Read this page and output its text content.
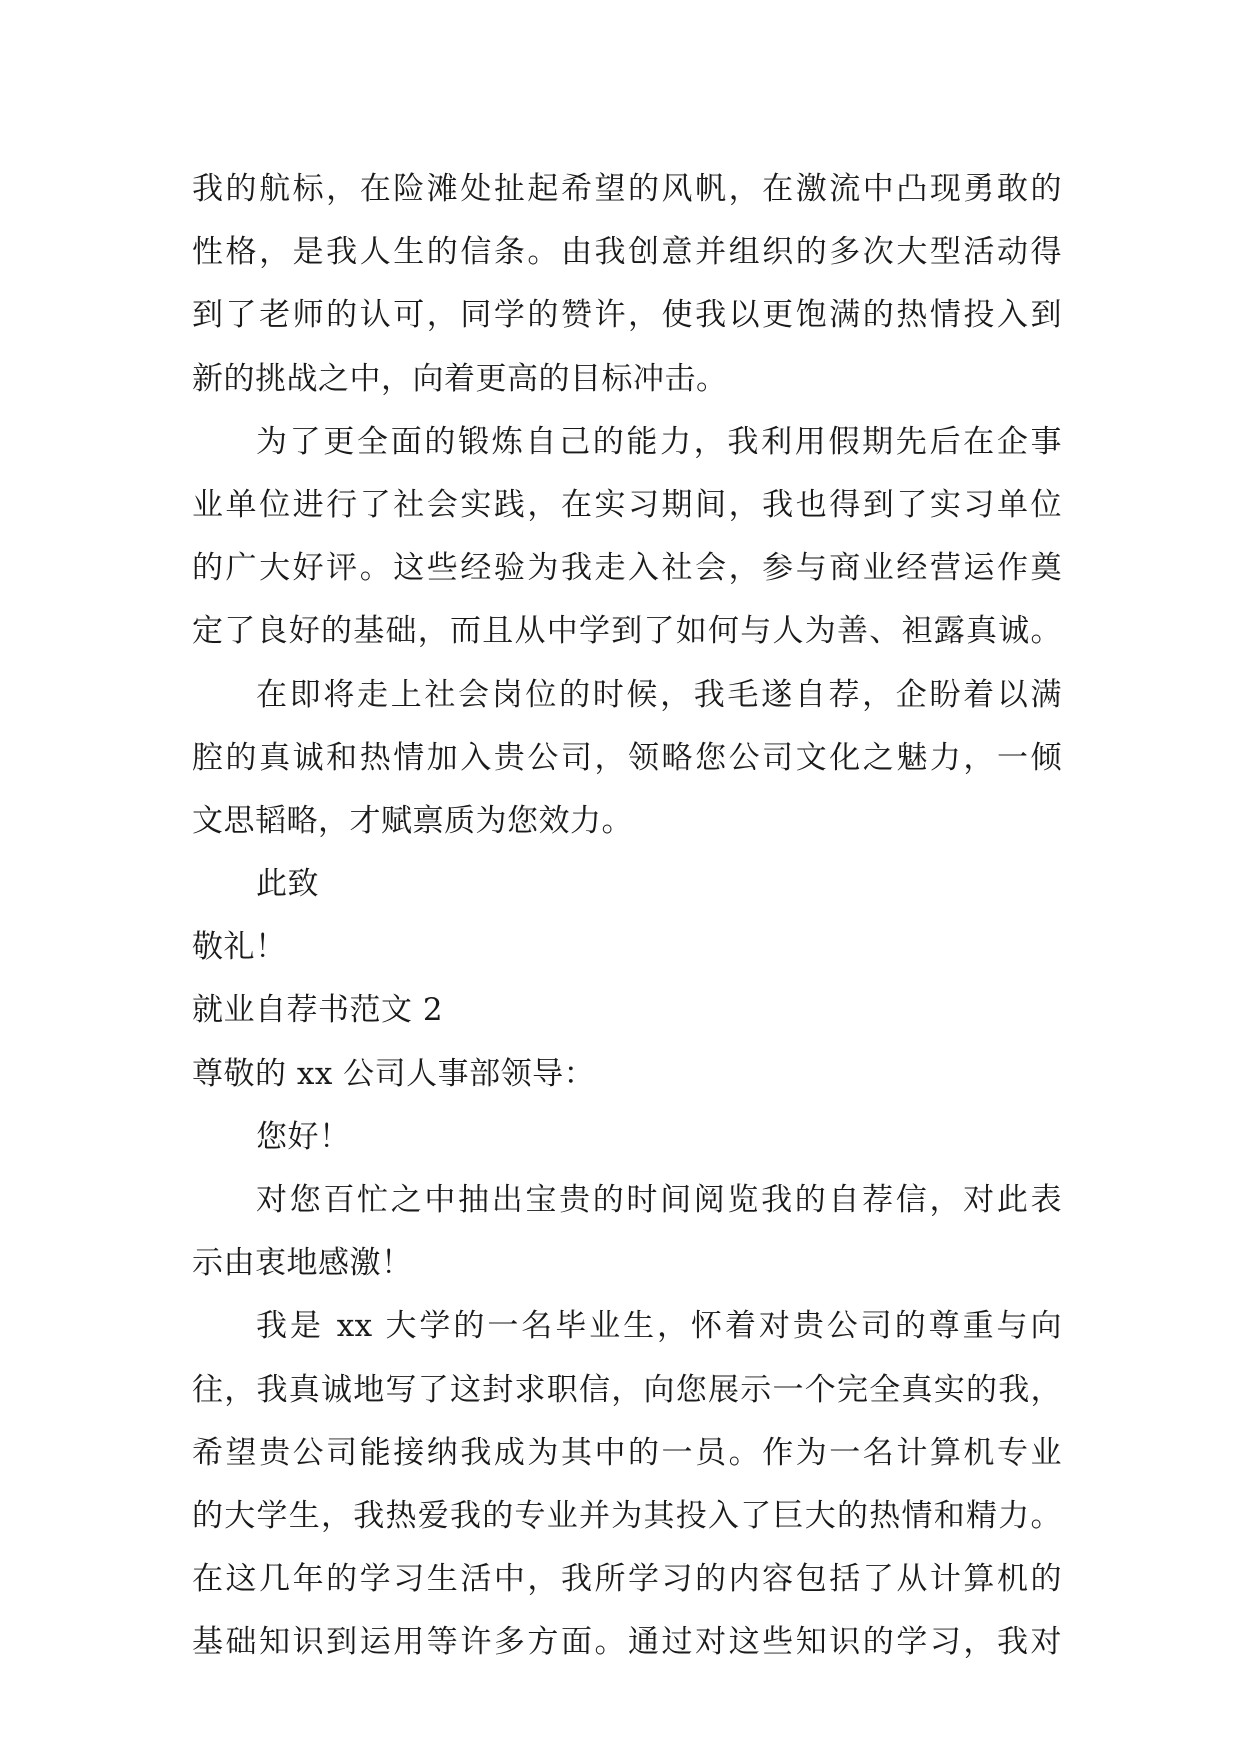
我的航标，在险滩处扯起希望的风帆，在激流中凸现勇敢的
性格，是我人生的信条。由我创意并组织的多次大型活动得
到了老师的认可，同学的赞许，使我以更饱满的热情投入到
新的挑战之中，向着更高的目标冲击。
为了更全面的锻炼自己的能力，我利用假期先后在企事
业单位进行了社会实践，在实习期间，我也得到了实习单位
的广大好评。这些经验为我走入社会，参与商业经营运作奠
定了良好的基础，而且从中学到了如何与人为善、袒露真诚。
在即将走上社会岗位的时候，我毛遂自荐，企盼着以满
腔的真诚和热情加入贵公司，领略您公司文化之魅力，一倾
文思韬略，才赋禀质为您效力。
此致
敬礼！
就业自荐书范文 2
尊敬的 xx 公司人事部领导：
您好！
对您百忙之中抽出宝贵的时间阅览我的自荐信，对此表
示由衷地感激！
我是 xx 大学的一名毕业生，怀着对贵公司的尊重与向
往，我真诚地写了这封求职信，向您展示一个完全真实的我，
希望贵公司能接纳我成为其中的一员。作为一名计算机专业
的大学生，我热爱我的专业并为其投入了巨大的热情和精力。
在这几年的学习生活中，我所学习的内容包括了从计算机的
基础知识到运用等许多方面。通过对这些知识的学习，我对
